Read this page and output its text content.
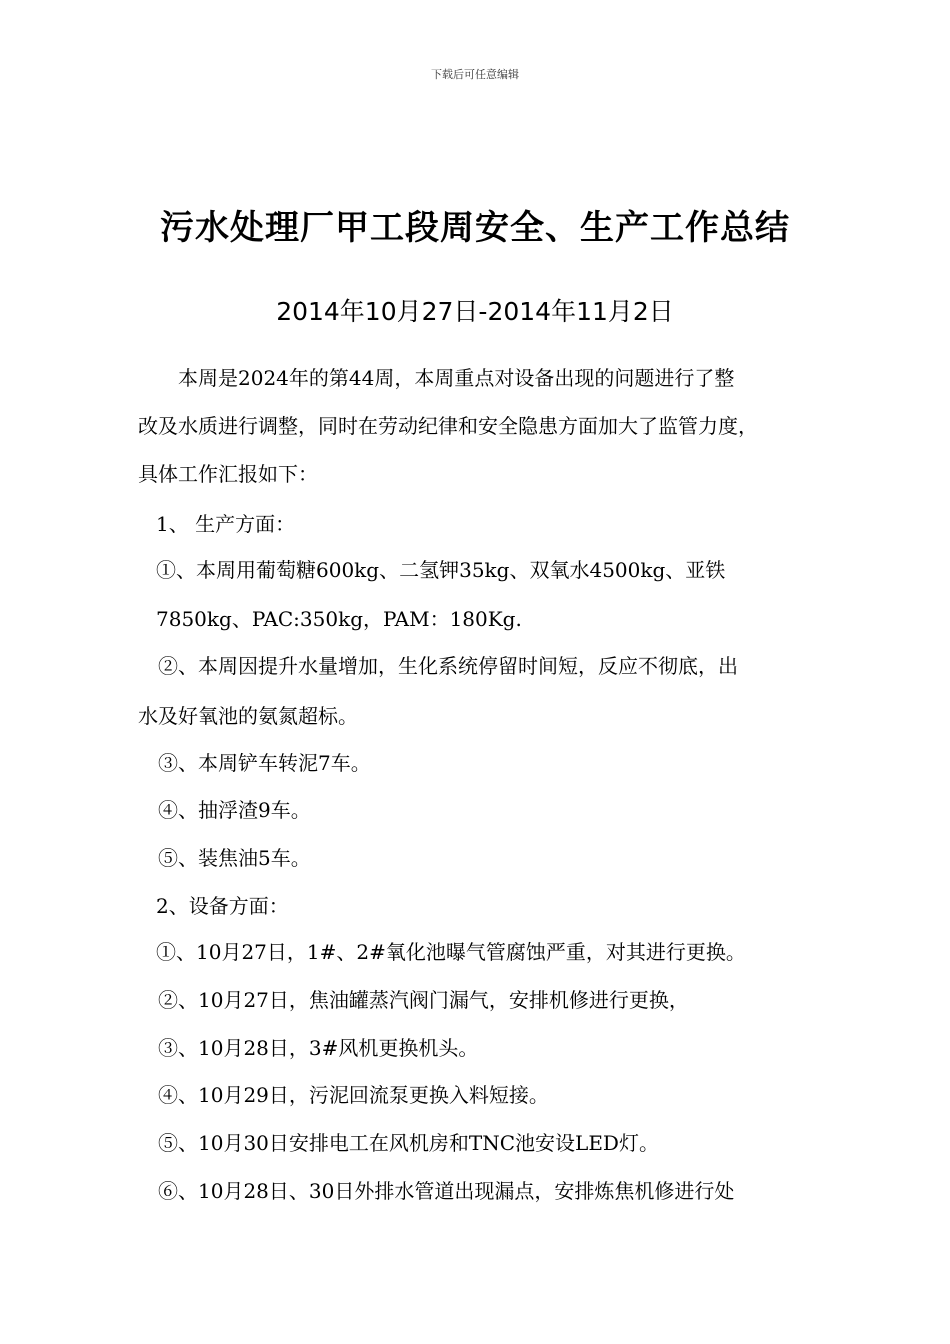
下载后可任意编辑
污水处理厂甲工段周安全、生产工作总结
2014年10月27日-2014年11月2日
本周是2024年的第44周，本周重点对设备出现的问题进行了整
改及水质进行调整，同时在劳动纪律和安全隐患方面加大了监管力度，
具体工作汇报如下：
1、 生产方面：
①、本周用葡萄糖600kg、二氢钾35kg、双氧水4500kg、亚铁
7850kg、PAC:350kg，PAM：180Kg.
②、本周因提升水量增加，生化系统停留时间短，反应不彻底，出
水及好氧池的氨氮超标。
③、本周铲车转泥7车。
④、抽浮渣9车。
⑤、装焦油5车。
2、设备方面：
①、10月27日，1#、2#氧化池曝气管腐蚀严重，对其进行更换。
②、10月27日，焦油罐蒸汽阀门漏气，安排机修进行更换，
③、10月28日，3#风机更换机头。
④、10月29日，污泥回流泵更换入料短接。
⑤、10月30日安排电工在风机房和TNC池安设LED灯。
⑥、10月28日、30日外排水管道出现漏点，安排炼焦机修进行处
